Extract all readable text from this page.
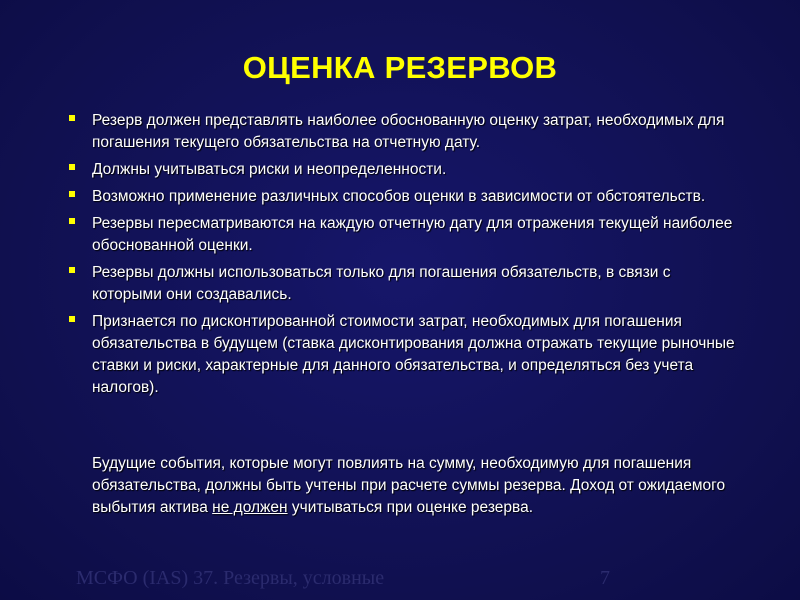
ОЦЕНКА РЕЗЕРВОВ
Резерв должен представлять наиболее обоснованную оценку затрат, необходимых для погашения текущего обязательства на отчетную дату.
Должны учитываться риски и неопределенности.
Возможно применение различных способов оценки в зависимости от обстоятельств.
Резервы пересматриваются на каждую отчетную дату для отражения текущей наиболее обоснованной оценки.
Резервы должны использоваться только для погашения обязательств, в связи с которыми они создавались.
Признается по дисконтированной стоимости затрат, необходимых для погашения обязательства в будущем (ставка дисконтирования должна отражать текущие рыночные ставки и риски, характерные для данного обязательства, и определяться без учета налогов).

Будущие события, которые могут повлиять на сумму, необходимую для погашения обязательства, должны быть учтены при расчете суммы резерва. Доход от ожидаемого выбытия актива не должен учитываться при оценке резерва.

МСФО (IAS) 37. Резервы, условные	7
